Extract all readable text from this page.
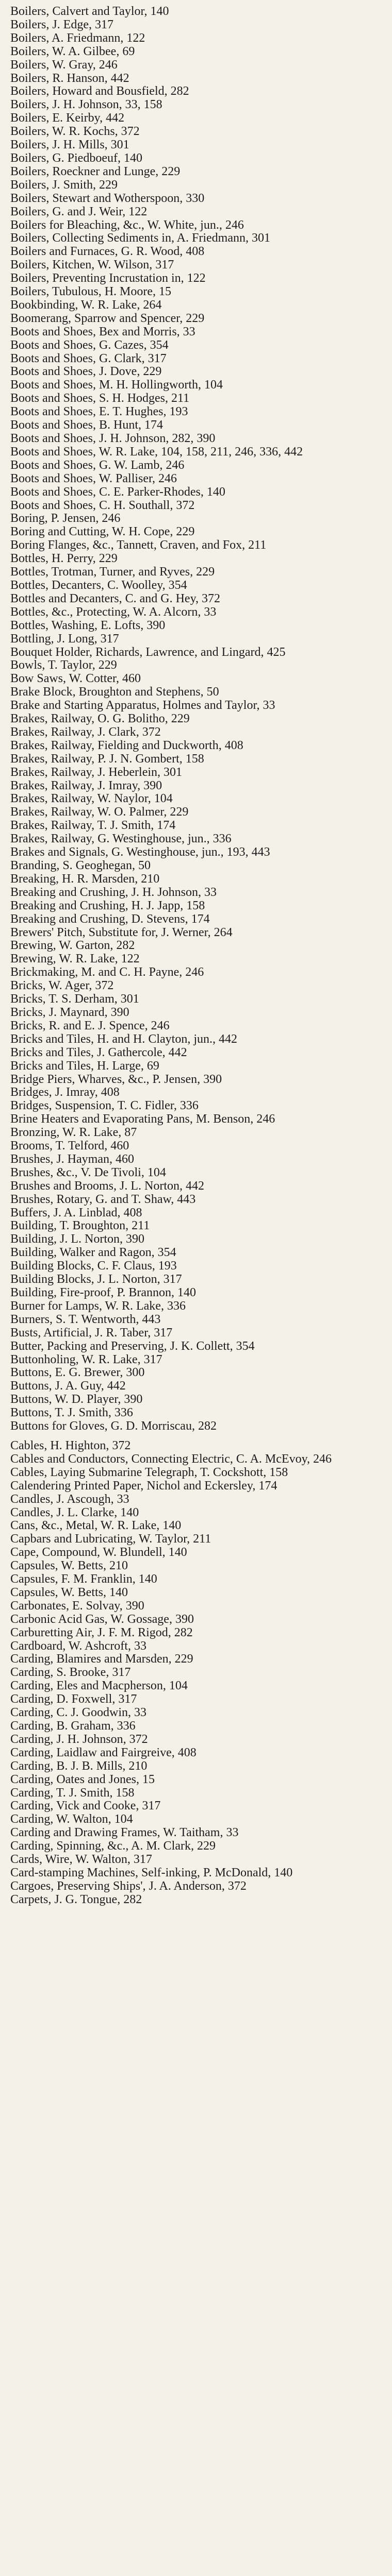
Boilers, Calvert and Taylor, 140
Boilers, J. Edge, 317
Boilers, A. Friedmann, 122
Boilers, W. A. Gilbee, 69
Boilers, W. Gray, 246
Boilers, R. Hanson, 442
Boilers, Howard and Bousfield, 282
Boilers, J. H. Johnson, 33, 158
Boilers, E. Keirby, 442
Boilers, W. R. Kochs, 372
Boilers, J. H. Mills, 301
Boilers, G. Piedboeuf, 140
Boilers, Roeckner and Lunge, 229
Boilers, J. Smith, 229
Boilers, Stewart and Wotherspoon, 330
Boilers, G. and J. Weir, 122
Boilers for Bleaching, &c., W. White, jun., 246
Boilers, Collecting Sediments in, A. Friedmann, 301
Boilers and Furnaces, G. R. Wood, 408
Boilers, Kitchen, W. Wilson, 317
Boilers, Preventing Incrustation in, 122
Boilers, Tubulous, H. Moore, 15
Bookbinding, W. R. Lake, 264
Boomerang, Sparrow and Spencer, 229
Boots and Shoes, Bex and Morris, 33
Boots and Shoes, G. Cazes, 354
Boots and Shoes, G. Clark, 317
Boots and Shoes, J. Dove, 229
Boots and Shoes, M. H. Hollingworth, 104
Boots and Shoes, S. H. Hodges, 211
Boots and Shoes, E. T. Hughes, 193
Boots and Shoes, B. Hunt, 174
Boots and Shoes, J. H. Johnson, 282, 390
Boots and Shoes, W. R. Lake, 104, 158, 211, 246, 336, 442
Boots and Shoes, G. W. Lamb, 246
Boots and Shoes, W. Palliser, 246
Boots and Shoes, C. E. Parker-Rhodes, 140
Boots and Shoes, C. H. Southall, 372
Boring, P. Jensen, 246
Boring and Cutting, W. H. Cope, 229
Boring Flanges, &c., Tannett, Craven, and Fox, 211
Bottles, H. Perry, 229
Bottles, Trotman, Turner, and Ryves, 229
Bottles, Decanters, C. Woolley, 354
Bottles and Decanters, C. and G. Hey, 372
Bottles, &c., Protecting, W. A. Alcorn, 33
Bottles, Washing, E. Lofts, 390
Bottling, J. Long, 317
Bouquet Holder, Richards, Lawrence, and Lingard, 425
Bowls, T. Taylor, 229
Bow Saws, W. Cotter, 460
Brake Block, Broughton and Stephens, 50
Brake and Starting Apparatus, Holmes and Taylor, 33
Brakes, Railway, O. G. Bolitho, 229
Brakes, Railway, J. Clark, 372
Brakes, Railway, Fielding and Duckworth, 408
Brakes, Railway, P. J. N. Gombert, 158
Brakes, Railway, J. Heberlein, 301
Brakes, Railway, J. Imray, 390
Brakes, Railway, W. Naylor, 104
Brakes, Railway, W. O. Palmer, 229
Brakes, Railway, T. J. Smith, 174
Brakes, Railway, G. Westinghouse, jun., 336
Brakes and Signals, G. Westinghouse, jun., 193, 443
Branding, S. Geoghegan, 50
Breaking, H. R. Marsden, 210
Breaking and Crushing, J. H. Johnson, 33
Breaking and Crushing, H. J. Japp, 158
Breaking and Crushing, D. Stevens, 174
Brewers' Pitch, Substitute for, J. Werner, 264
Brewing, W. Garton, 282
Brewing, W. R. Lake, 122
Brickmaking, M. and C. H. Payne, 246
Bricks, W. Ager, 372
Bricks, T. S. Derham, 301
Bricks, J. Maynard, 390
Bricks, R. and E. J. Spence, 246
Bricks and Tiles, H. and H. Clayton, jun., 442
Bricks and Tiles, J. Gathercole, 442
Bricks and Tiles, H. Large, 69
Bridge Piers, Wharves, &c., P. Jensen, 390
Bridges, J. Imray, 408
Bridges, Suspension, T. C. Fidler, 336
Brine Heaters and Evaporating Pans, M. Benson, 246
Bronzing, W. R. Lake, 87
Brooms, T. Telford, 460
Brushes, J. Hayman, 460
Brushes, &c., V. De Tivoli, 104
Brushes and Brooms, J. L. Norton, 442
Brushes, Rotary, G. and T. Shaw, 443
Buffers, J. A. Linblad, 408
Building, T. Broughton, 211
Building, J. L. Norton, 390
Building, Walker and Ragon, 354
Building Blocks, C. F. Claus, 193
Building Blocks, J. L. Norton, 317
Building, Fire-proof, P. Brannon, 140
Burner for Lamps, W. R. Lake, 336
Burners, S. T. Wentworth, 443
Busts, Artificial, J. R. Taber, 317
Butter, Packing and Preserving, J. K. Collett, 354
Buttonholing, W. R. Lake, 317
Buttons, E. G. Brewer, 300
Buttons, J. A. Guy, 442
Buttons, W. D. Player, 390
Buttons, T. J. Smith, 336
Buttons for Gloves, G. D. Morriscau, 282
Cables, H. Highton, 372
Cables and Conductors, Connecting Electric, C. A. McEvoy, 246
Cables, Laying Submarine Telegraph, T. Cockshott, 158
Calendering Printed Paper, Nichol and Eckersley, 174
Candles, J. Ascough, 33
Candles, J. L. Clarke, 140
Cans, &c., Metal, W. R. Lake, 140
Capbars and Lubricating, W. Taylor, 211
Cape, Compound, W. Blundell, 140
Capsules, W. Betts, 210
Capsules, F. M. Franklin, 140
Capsules, W. Betts, 140
Carbonates, E. Solvay, 390
Carbonic Acid Gas, W. Gossage, 390
Carburetting Air, J. F. M. Rigod, 282
Cardboard, W. Ashcroft, 33
Carding, Blamires and Marsden, 229
Carding, S. Brooke, 317
Carding, Eles and Macpherson, 104
Carding, D. Foxwell, 317
Carding, C. J. Goodwin, 33
Carding, B. Graham, 336
Carding, J. H. Johnson, 372
Carding, Laidlaw and Fairgreive, 408
Carding, B. J. B. Mills, 210
Carding, Oates and Jones, 15
Carding, T. J. Smith, 158
Carding, Vick and Cooke, 317
Carding, W. Walton, 104
Carding and Drawing Frames, W. Taitham, 33
Carding, Spinning, &c., A. M. Clark, 229
Cards, Wire, W. Walton, 317
Card-stamping Machines, Self-inking, P. McDonald, 140
Cargoes, Preserving Ships', J. A. Anderson, 372
Carpets, J. G. Tongue, 282
